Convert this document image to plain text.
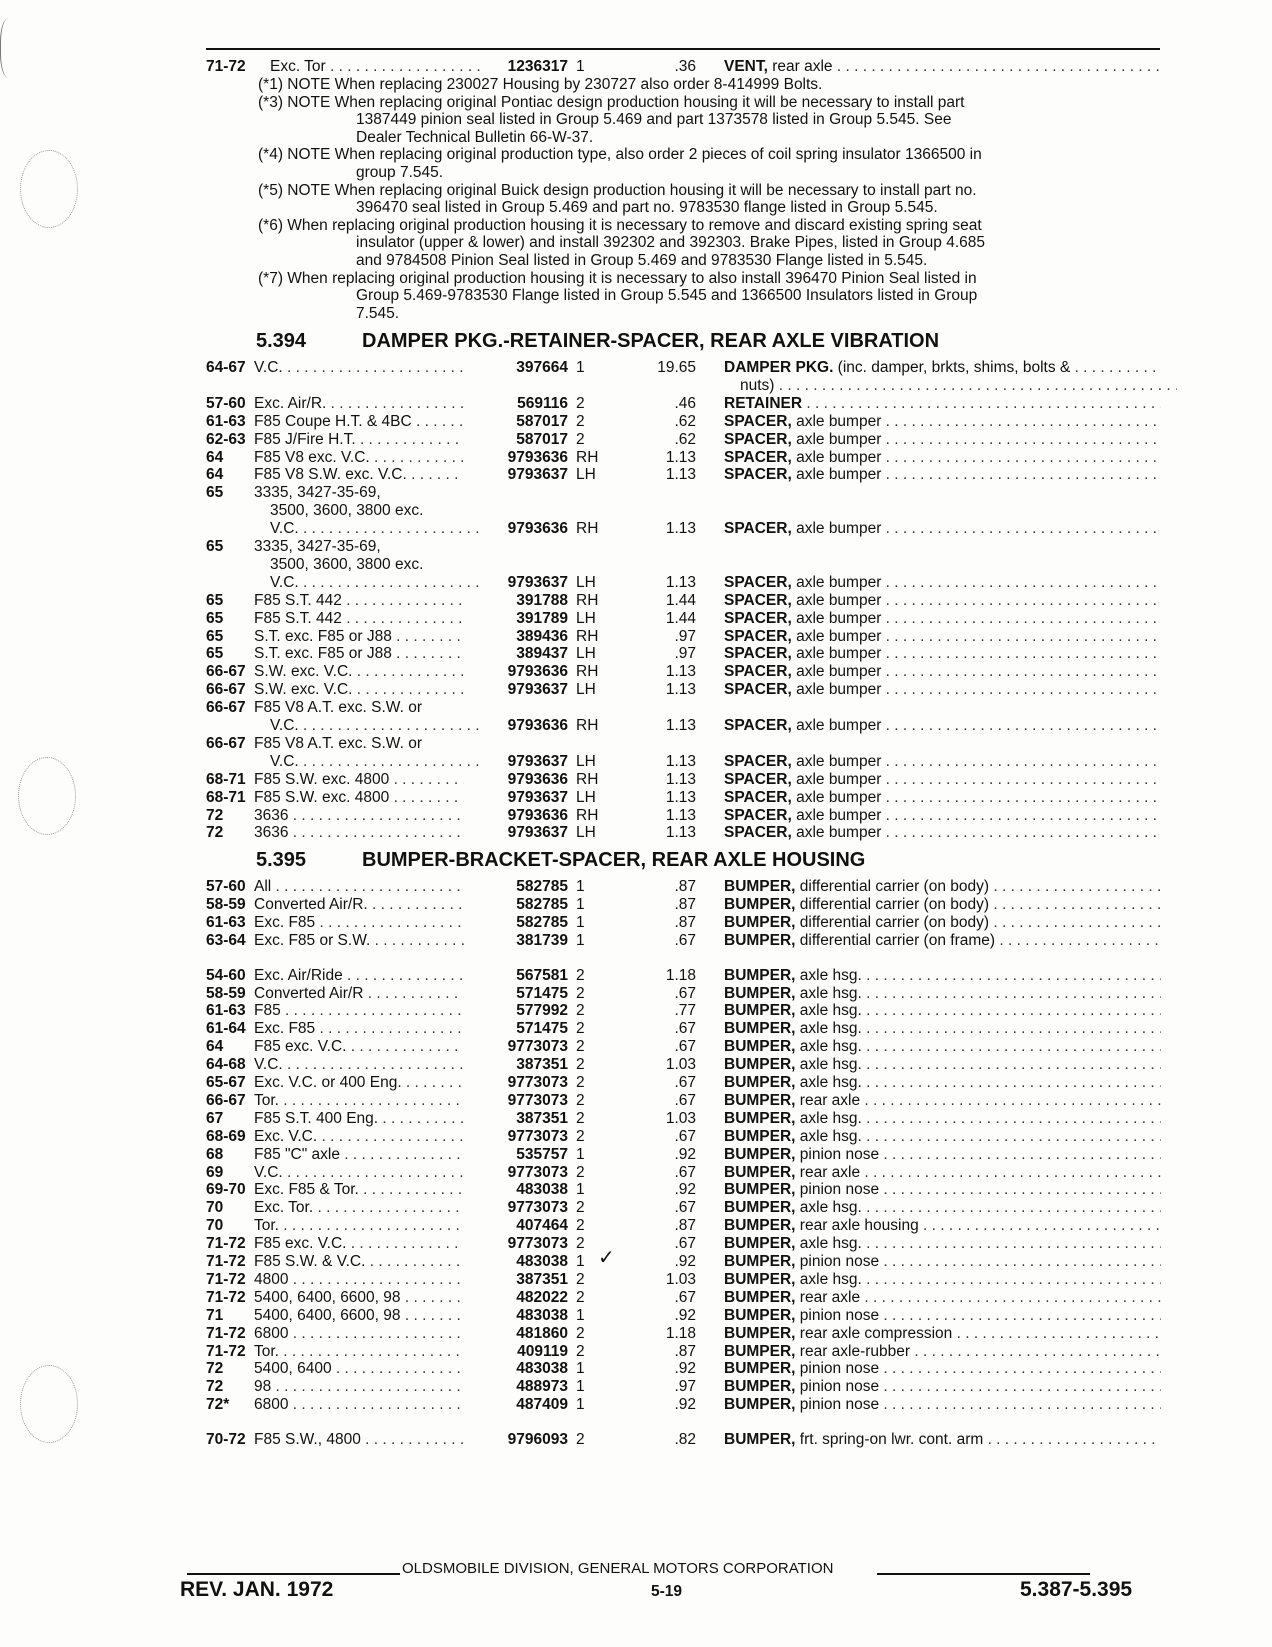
71-72 Exc. Tor . . .	1236317 1	.36 VENT, rear axle . . .
(*1) NOTE When replacing 230027 Housing by 230727 also order 8-414999 Bolts.
(*3) NOTE When replacing original Pontiac design production housing it will be necessary to install part
1387449 pinion seal listed in Group 5.469 and part 1373578 listed in Group 5.545. See
Dealer Technical Bulletin 66-W-37.
(*4) NOTE When replacing original production type, also order 2 pieces of coil spring insulator 1366500 in
group 7.545.
(*5) NOTE When replacing original Buick design production housing it will be necessary to install part no.
396470 seal listed in Group 5.469 and part no. 9783530 flange listed in Group 5.545.
(*6) When replacing original production housing it is necessary to remove and discard existing spring seat
insulator (upper & lower) and install 392302 and 392303. Brake Pipes, listed in Group 4.685
and 9784508 Pinion Seal listed in Group 5.469 and 9783530 Flange listed in 5.545.
(*7) When replacing original production housing it is necessary to also install 396470 Pinion Seal listed in
Group 5.469-9783530 Flange listed in Group 5.545 and 1366500 Insulators listed in Group
7.545.
5.394	DAMPER PKG.-RETAINER-SPACER, REAR AXLE VIBRATION
64-67 V.C. . . .	397664 1	19.65 DAMPER PKG. (inc. damper, brkts, shims, bolts & . . .
nuts) . . .
57-60 Exc. Air/R. . . .	569116 2	.46 RETAINER . . .
61-63 F85 Coupe H.T. & 4BC . . .	587017 2	.62 SPACER, axle bumper . . .
62-63 F85 J/Fire H.T. . . .	587017 2	.62 SPACER, axle bumper . . .
64 F85 V8 exc. V.C. . . .	9793636 RH	1.13 SPACER, axle bumper . . .
64 F85 V8 S.W. exc. V.C. . . .	9793637 LH	1.13 SPACER, axle bumper . . .
65 3335, 3427-35-69,
3500, 3600, 3800 exc.
V.C. . . .	9793636 RH	1.13 SPACER, axle bumper . . .
65 3335, 3427-35-69,
3500, 3600, 3800 exc.
V.C. . . .	9793637 LH	1.13 SPACER, axle bumper . . .
65 F85 S.T. 442 . . .	391788 RH	1.44 SPACER, axle bumper . . .
65 F85 S.T. 442 . . .	391789 LH	1.44 SPACER, axle bumper . . .
65 S.T. exc. F85 or J88 . . .	389436 RH	.97 SPACER, axle bumper . . .
65 S.T. exc. F85 or J88 . . .	389437 LH	.97 SPACER, axle bumper . . .
66-67 S.W. exc. V.C. . . .	9793636 RH	1.13 SPACER, axle bumper . . .
66-67 S.W. exc. V.C. . . .	9793637 LH	1.13 SPACER, axle bumper . . .
66-67 F85 V8 A.T. exc. S.W. or
V.C. . . .	9793636 RH	1.13 SPACER, axle bumper . . .
66-67 F85 V8 A.T. exc. S.W. or
V.C. . . .	9793637 LH	1.13 SPACER, axle bumper . . .
68-71 F85 S.W. exc. 4800 . . .	9793636 RH	1.13 SPACER, axle bumper . . .
68-71 F85 S.W. exc. 4800 . . .	9793637 LH	1.13 SPACER, axle bumper . . .
72 3636 . . .	9793636 RH	1.13 SPACER, axle bumper . . .
72 3636 . . .	9793637 LH	1.13 SPACER, axle bumper . . .
5.395	BUMPER-BRACKET-SPACER, REAR AXLE HOUSING
57-60 All . . .	582785 1	.87 BUMPER, differential carrier (on body) . . .
58-59 Converted Air/R. . . .	582785 1	.87 BUMPER, differential carrier (on body) . . .
61-63 Exc. F85 . . .	582785 1	.87 BUMPER, differential carrier (on body) . . .
63-64 Exc. F85 or S.W. . . .	381739 1	.67 BUMPER, differential carrier (on frame) . . .
54-60 Exc. Air/Ride . . .	567581 2	1.18 BUMPER, axle hsg. . . .
58-59 Converted Air/R . . .	571475 2	.67 BUMPER, axle hsg. . . .
61-63 F85 . . .	577992 2	.77 BUMPER, axle hsg. . . .
61-64 Exc. F85 . . .	571475 2	.67 BUMPER, axle hsg. . . .
64 F85 exc. V.C. . . .	9773073 2	.67 BUMPER, axle hsg. . . .
64-68 V.C. . . .	387351 2	1.03 BUMPER, axle hsg. . . .
65-67 Exc. V.C. or 400 Eng. . . .	9773073 2	.67 BUMPER, axle hsg. . . .
66-67 Tor. . . .	9773073 2	.67 BUMPER, rear axle . . .
67 F85 S.T. 400 Eng. . . .	387351 2	1.03 BUMPER, axle hsg. . . .
68-69 Exc. V.C. . . .	9773073 2	.67 BUMPER, axle hsg. . . .
68 F85 "C" axle . . .	535757 1	.92 BUMPER, pinion nose . . .
69 V.C. . . .	9773073 2	.67 BUMPER, rear axle . . .
69-70 Exc. F85 & Tor. . . .	483038 1	.92 BUMPER, pinion nose . . .
70 Exc. Tor. . . .	9773073 2	.67 BUMPER, axle hsg. . . .
70 Tor. . . .	407464 2	.87 BUMPER, rear axle housing . . .
71-72 F85 exc. V.C. . . .	9773073 2	.67 BUMPER, axle hsg. . . .
71-72 F85 S.W. & V.C. . . .	483038 1	.92 BUMPER, pinion nose . . .
71-72 4800 . . .	387351 2	1.03 BUMPER, axle hsg. . . .
71-72 5400, 6400, 6600, 98 . . .	482022 2	.67 BUMPER, rear axle . . .
71 5400, 6400, 6600, 98 . . .	483038 1	.92 BUMPER, pinion nose . . .
71-72 6800 . . .	481860 2	1.18 BUMPER, rear axle compression . . .
71-72 Tor. . . .	409119 2	.87 BUMPER, rear axle-rubber . . .
72 5400, 6400 . . .	483038 1	.92 BUMPER, pinion nose . . .
72 98 . . .	488973 1	.97 BUMPER, pinion nose . . .
72* 6800 . . .	487409 1	.92 BUMPER, pinion nose . . .
70-72 F85 S.W., 4800 . . .	9796093 2	.82 BUMPER, frt. spring-on lwr. cont. arm . . .
✓
OLDSMOBILE DIVISION, GENERAL MOTORS CORPORATION
REV. JAN. 1972	5-19	5.387-5.395
